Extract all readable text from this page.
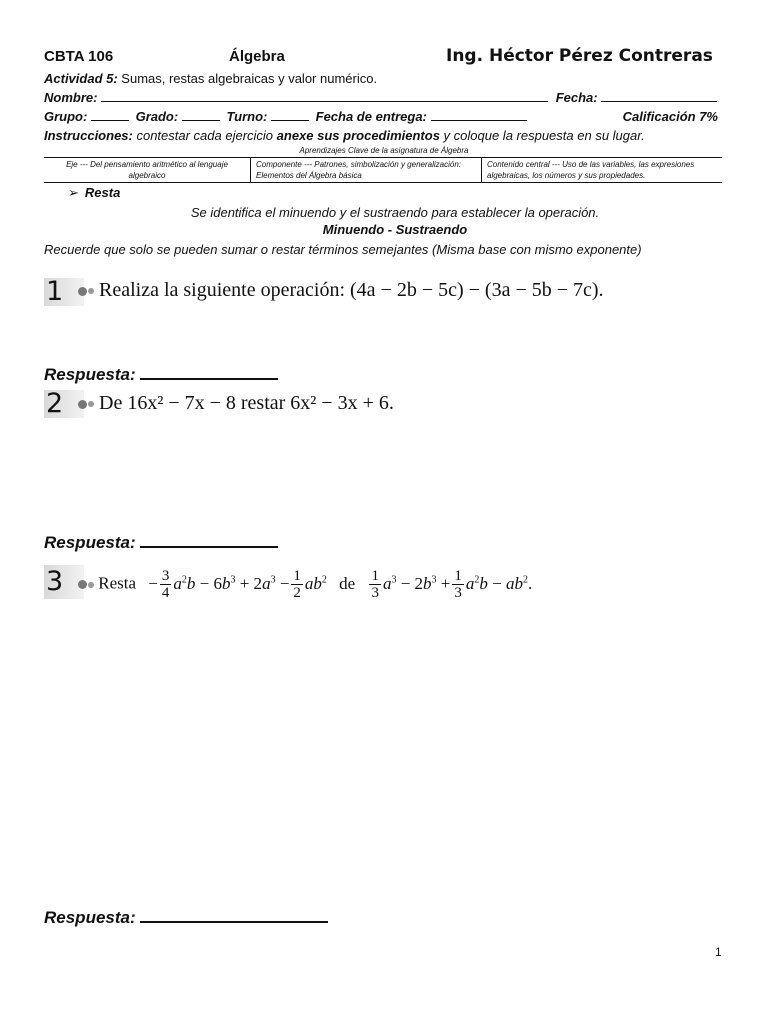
CBTA 106	Álgebra	Ing. Héctor Pérez Contreras
Actividad 5: Sumas, restas algebraicas y valor numérico.
Nombre:	Fecha:
Grupo:	Grado:	Turno:	Fecha de entrega:	Calificación 7%
Instrucciones: contestar cada ejercicio anexe sus procedimientos y coloque la respuesta en su lugar.
Aprendizajes Clave de la asignatura de Álgebra
Eje --- Del pensamiento aritmético al lenguaje algebraico	Componente --- Patrones, simbolización y generalización: Elementos del Álgebra básica	Contenido central --- Uso de las variables, las expresiones algebraicas, los números y sus propiedades.
➢ Resta
Se identifica el minuendo y el sustraendo para establecer la operación.
Minuendo - Sustraendo
Recuerde que solo se pueden sumar o restar términos semejantes (Misma base con mismo exponente)
1	Realiza la siguiente operación: (4a − 2b − 5c) − (3a − 5b − 7c).
Respuesta:
2	De 16x² − 7x − 8 restar 6x² − 3x + 6.
Respuesta:
3	Resta − $\frac{3}{4} a^2b - 6b^3 + 2a^3 - \frac{1}{2} ab^2$ de $\frac{1}{3} a^3 - 2b^3 + \frac{1}{3} a^2b - ab^2$.
Respuesta:
1
